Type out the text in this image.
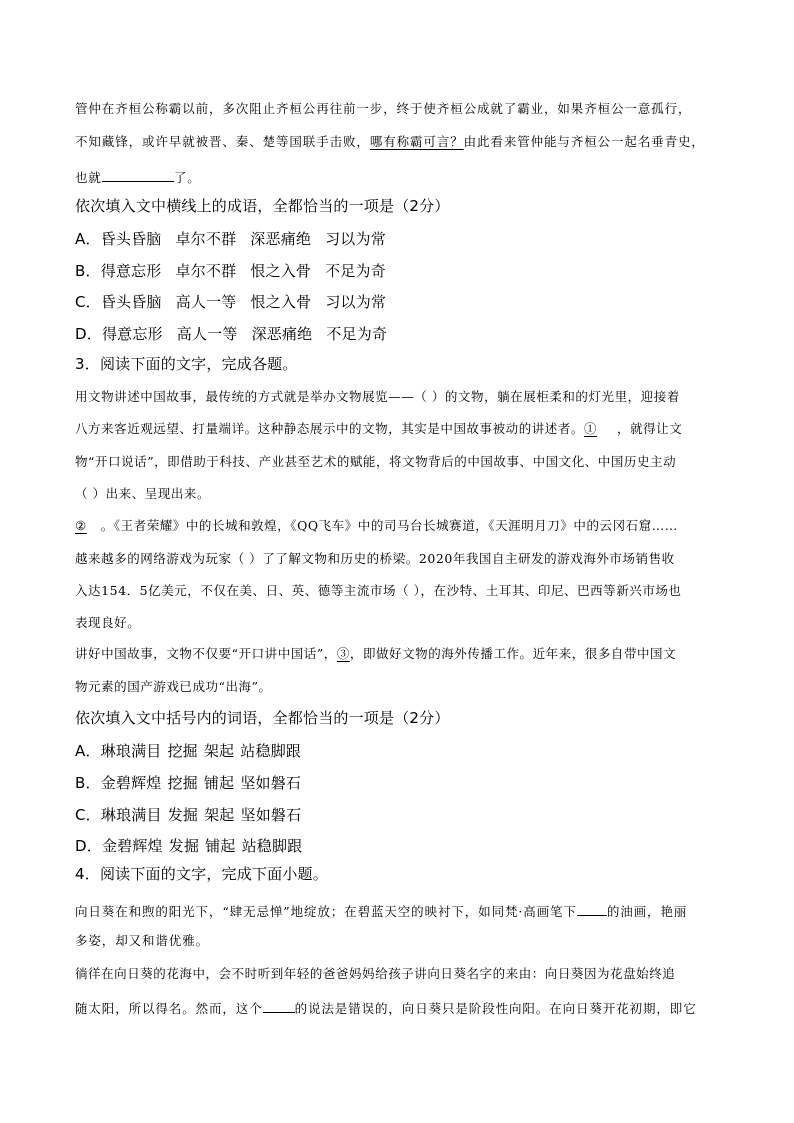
管仲在齐桓公称霸以前，多次阻止齐桓公再往前一步，终于使齐桓公成就了霸业，如果齐桓公一意孤行，
不知藏锋，或许早就被晋、秦、楚等国联手击败，哪有称霸可言？由此看来管仲能与齐桓公一起名垂青史，
也就	了。
依次填入文中横线上的成语，全都恰当的一项是（2分）
A．昏头昏脑 卓尔不群 深恶痛绝 习以为常
B．得意忘形 卓尔不群 恨之入骨 不足为奇
C．昏头昏脑 高人一等 恨之入骨 习以为常
D．得意忘形 高人一等 深恶痛绝 不足为奇
3．阅读下面的文字，完成各题。
用文物讲述中国故事，最传统的方式就是举办文物展览——（ ）的文物，躺在展柜柔和的灯光里，迎接着
八方来客近观远望、打量端详。这种静态展示中的文物，其实是中国故事被动的讲述者。① ，就得让文
物“开口说话”，即借助于科技、产业甚至艺术的赋能，将文物背后的中国故事、中国文化、中国历史主动
（ ）出来、呈现出来。
② 。《王者荣耀》中的长城和敦煌，《QQ飞车》中的司马台长城赛道，《天涯明月刀》中的云冈石窟……
越来越多的网络游戏为玩家（ ）了了解文物和历史的桥梁。2020年我国自主研发的游戏海外市场销售收
入达154．5亿美元，不仅在美、日、英、德等主流市场（ ），在沙特、土耳其、印尼、巴西等新兴市场也
表现良好。
讲好中国故事，文物不仅要“开口讲中国话”，③，即做好文物的海外传播工作。近年来，很多自带中国文
物元素的国产游戏已成功“出海”。
依次填入文中括号内的词语，全都恰当的一项是（2分）
A．琳琅满目 挖掘 架起 站稳脚跟
B．金碧辉煌 挖掘 铺起 坚如磐石
C．琳琅满目 发掘 架起 坚如磐石
D．金碧辉煌 发掘 铺起 站稳脚跟
4．阅读下面的文字，完成下面小题。
向日葵在和煦的阳光下，“肆无忌惮”地绽放；在碧蓝天空的映衬下，如同梵·高画笔下 的油画，艳丽
多姿，却又和谐优雅。
徜徉在向日葵的花海中，会不时听到年轻的爸爸妈妈给孩子讲向日葵名字的来由：向日葵因为花盘始终追
随太阳，所以得名。然而，这个	的说法是错误的，向日葵只是阶段性向阳。在向日葵开花初期，即它
